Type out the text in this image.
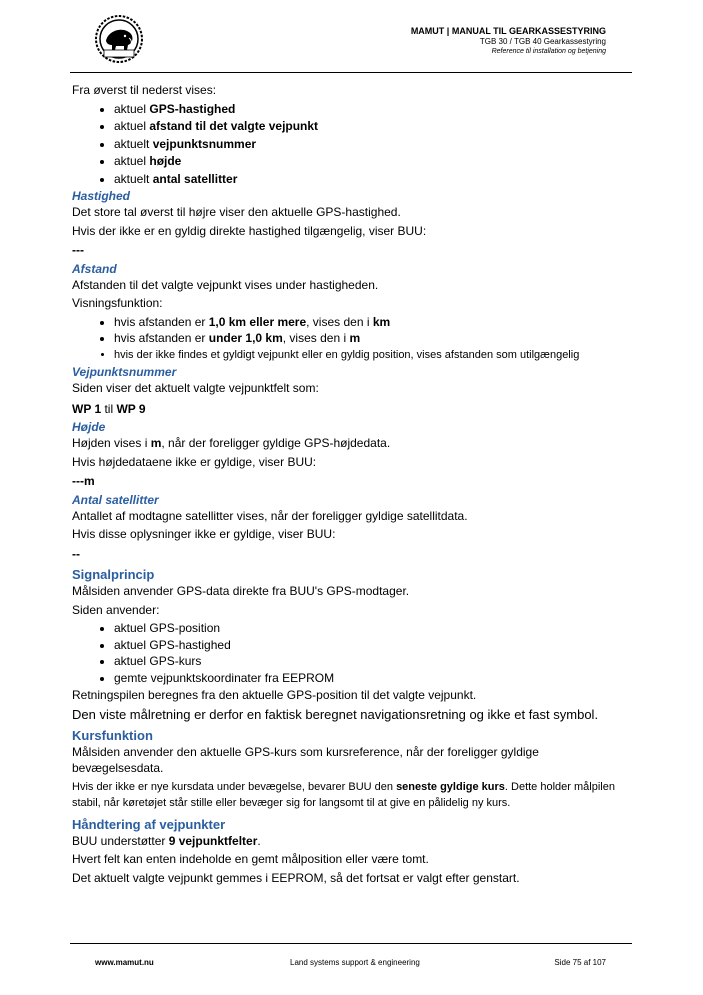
MAMUT | MANUAL TIL GEARKASSESTYRING
TGB 30 / TGB 40 Gearkassestyring
Reference til installation og betjening

Fra øverst til nederst vises:

• aktuel GPS-hastighed
• aktuel afstand til det valgte vejpunkt
• aktuelt vejpunktsnummer
• aktuel højde
• aktuelt antal satellitter
Hastighed

Det store tal øverst til højre viser den aktuelle GPS-hastighed.

Hvis der ikke er en gyldig direkte hastighed tilgængelig, viser BUU:

---

Afstand

Afstanden til det valgte vejpunkt vises under hastigheden.

Visningsfunktion:

• hvis afstanden er 1,0 km eller mere, vises den i km
• hvis afstanden er under 1,0 km, vises den i m
• hvis der ikke findes et gyldigt vejpunkt eller en gyldig position, vises afstanden som utilgængelig
Vejpunktsnummer

Siden viser det aktuelt valgte vejpunktfelt som:

WP 1 til WP 9

Højde

Højden vises i m, når der foreligger gyldige GPS-højdedata.

Hvis højdedataene ikke er gyldige, viser BUU:

---m

Antal satellitter

Antallet af modtagne satellitter vises, når der foreligger gyldige satellitdata.

Hvis disse oplysninger ikke er gyldige, viser BUU:

--

Signalprincip

Målsiden anvender GPS-data direkte fra BUU's GPS-modtager.

Siden anvender:

• aktuel GPS-position
• aktuel GPS-hastighed
• aktuel GPS-kurs
• gemte vejpunktskoordinater fra EEPROM

Retningspilen beregnes fra den aktuelle GPS-position til det valgte vejpunkt.

Den viste målretning er derfor en faktisk beregnet navigationsretning og ikke et fast symbol.

Kursfunktion

Målsiden anvender den aktuelle GPS-kurs som kursreference, når der foreligger gyldige bevægelsesdata.

Hvis der ikke er nye kursdata under bevægelse, bevarer BUU den seneste gyldige kurs. Dette holder målpilen stabil, når køretøjet står stille eller bevæger sig for langsomt til at give en pålidelig ny kurs.

Håndtering af vejpunkter

BUU understøtter 9 vejpunktfelter.

Hvert felt kan enten indeholde en gemt målposition eller være tomt.

Det aktuelt valgte vejpunkt gemmes i EEPROM, så det fortsat er valgt efter genstart.

www.mamut.nu	Land systems support & engineering	Side 75 af 107
